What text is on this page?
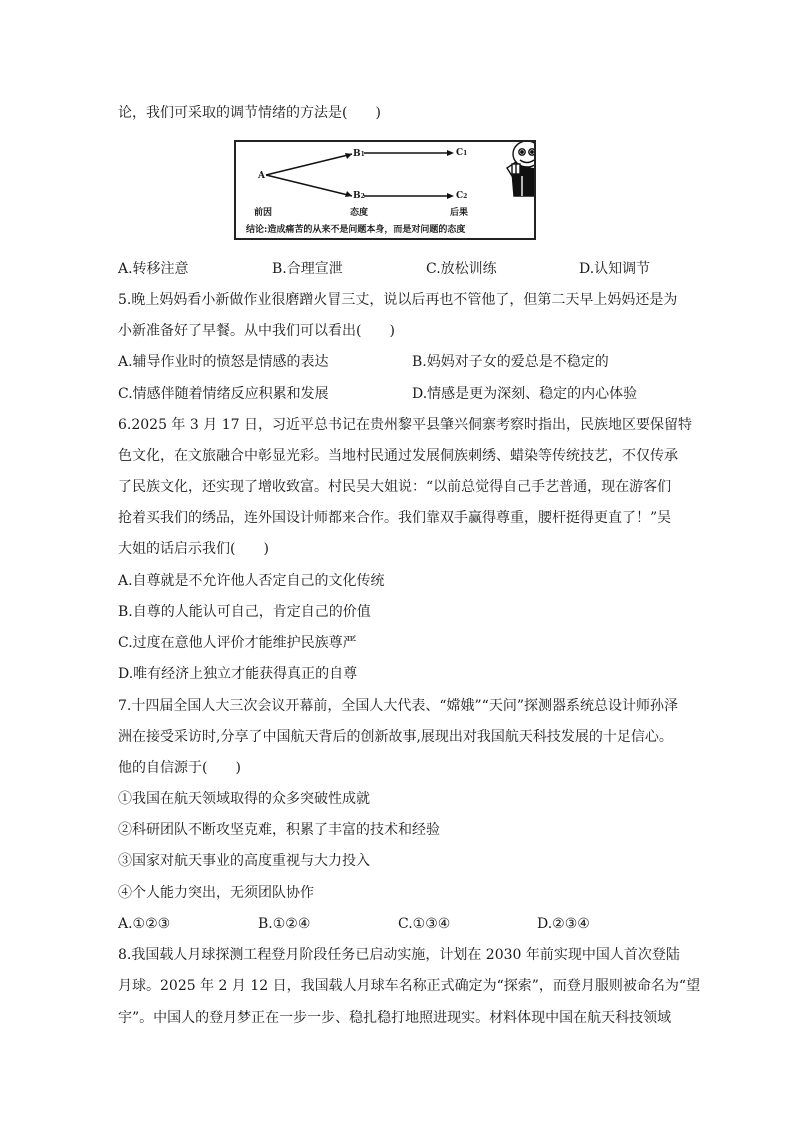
论，我们可采取的调节情绪的方法是(　　)
A
B1
B2
C1
C2
前因	态度	后果
结论:造成痛苦的从来不是问题本身，而是对问题的态度
A.转移注意	B.合理宣泄	C.放松训练	D.认知调节
5.晚上妈妈看小新做作业很磨蹭火冒三丈，说以后再也不管他了，但第二天早上妈妈还是为
小新准备好了早餐。从中我们可以看出(　　)
A.辅导作业时的愤怒是情感的表达	B.妈妈对子女的爱总是不稳定的
C.情感伴随着情绪反应积累和发展	D.情感是更为深刻、稳定的内心体验
6.2025 年 3 月 17 日，习近平总书记在贵州黎平县肇兴侗寨考察时指出，民族地区要保留特
色文化，在文旅融合中彰显光彩。当地村民通过发展侗族刺绣、蜡染等传统技艺，不仅传承
了民族文化，还实现了增收致富。村民吴大姐说：“以前总觉得自己手艺普通，现在游客们
抢着买我们的绣品，连外国设计师都来合作。我们靠双手赢得尊重，腰杆挺得更直了！”吴
大姐的话启示我们(　　)
A.自尊就是不允许他人否定自己的文化传统
B.自尊的人能认可自己，肯定自己的价值
C.过度在意他人评价才能维护民族尊严
D.唯有经济上独立才能获得真正的自尊
7.十四届全国人大三次会议开幕前，全国人大代表、“嫦娥”“天问”探测器系统总设计师孙泽
洲在接受采访时,分享了中国航天背后的创新故事,展现出对我国航天科技发展的十足信心。
他的自信源于(　　)
①我国在航天领域取得的众多突破性成就
②科研团队不断攻坚克难，积累了丰富的技术和经验
③国家对航天事业的高度重视与大力投入
④个人能力突出，无须团队协作
A.①②③	B.①②④	C.①③④	D.②③④
8.我国载人月球探测工程登月阶段任务已启动实施，计划在 2030 年前实现中国人首次登陆
月球。2025 年 2 月 12 日，我国载人月球车名称正式确定为“探索”，而登月服则被命名为“望
宇”。中国人的登月梦正在一步一步、稳扎稳打地照进现实。材料体现中国在航天科技领域
